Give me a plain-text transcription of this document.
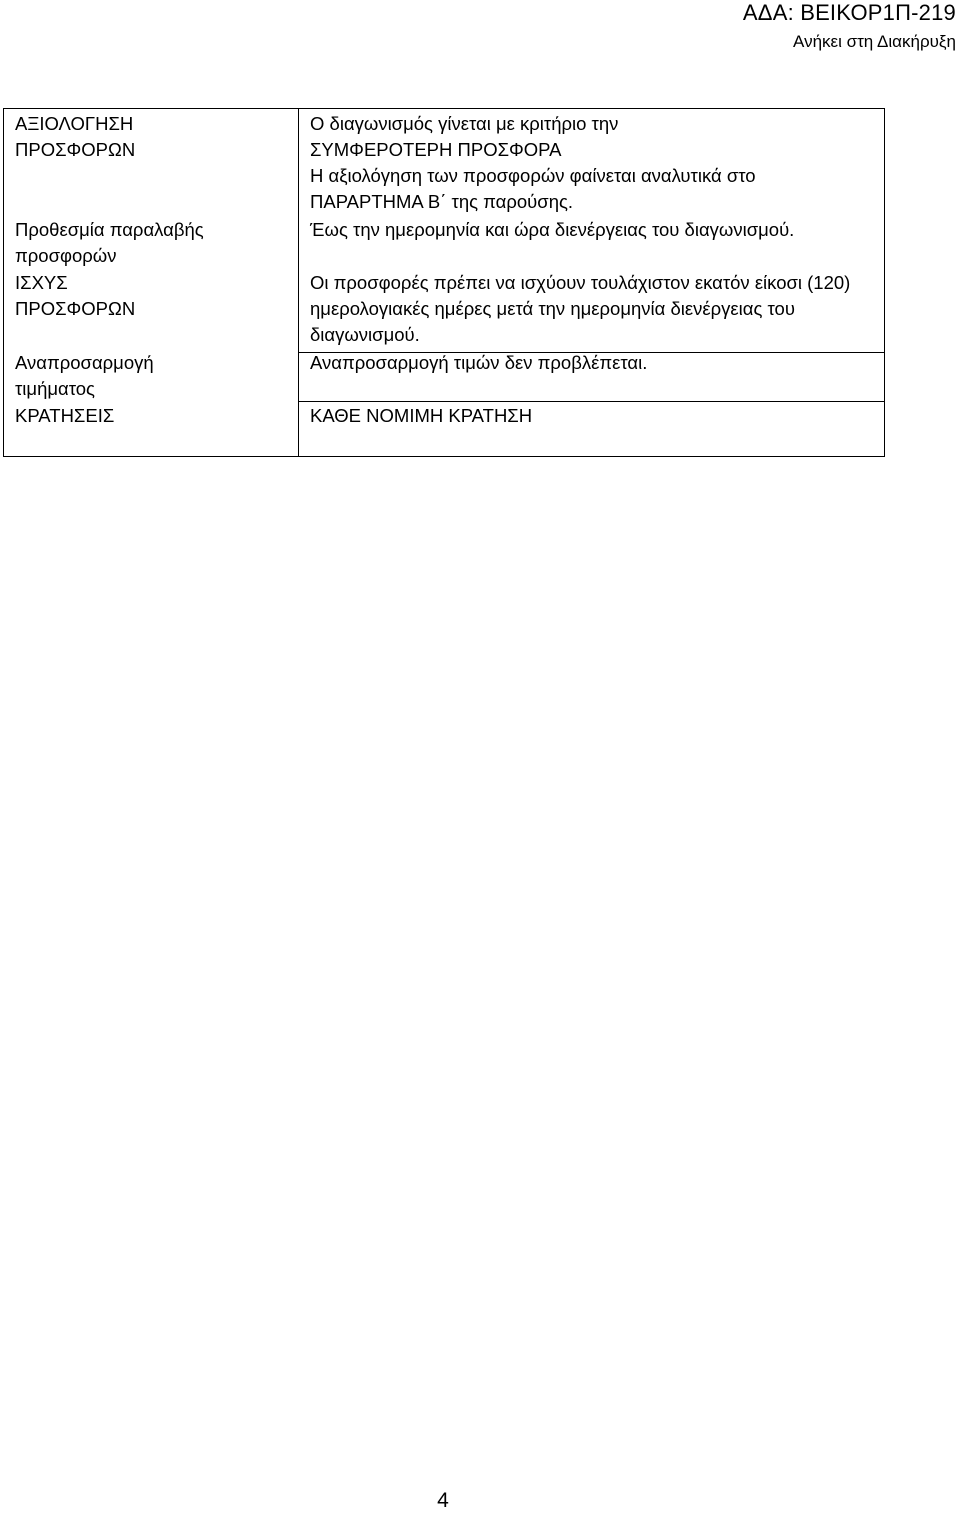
ΑΔΑ: ΒΕΙΚΟΡ1Π-219
Ανήκει στη Διακήρυξη
ΑΞΙΟΛΟΓΗΣΗ
ΠΡΟΣΦΟΡΩΝ
Ο διαγωνισμός γίνεται με κριτήριο την
ΣΥΜΦΕΡΟΤΕΡΗ ΠΡΟΣΦΟΡΑ
Η αξιολόγηση των προσφορών φαίνεται αναλυτικά στο
ΠΑΡΑΡΤΗΜΑ Β΄ της παρούσης.
Προθεσμία παραλαβής
προσφορών
Έως την ημερομηνία και ώρα διενέργειας του διαγωνισμού.
ΙΣΧΥΣ
ΠΡΟΣΦΟΡΩΝ
Οι προσφορές πρέπει να ισχύουν τουλάχιστον εκατόν είκοσι (120)
ημερολογιακές ημέρες μετά την ημερομηνία διενέργειας του
διαγωνισμού.
Αναπροσαρμογή
τιμήματος
Αναπροσαρμογή τιμών δεν προβλέπεται.
ΚΡΑΤΗΣΕΙΣ	ΚΑΘΕ ΝΟΜΙΜΗ ΚΡΑΤΗΣΗ
4
